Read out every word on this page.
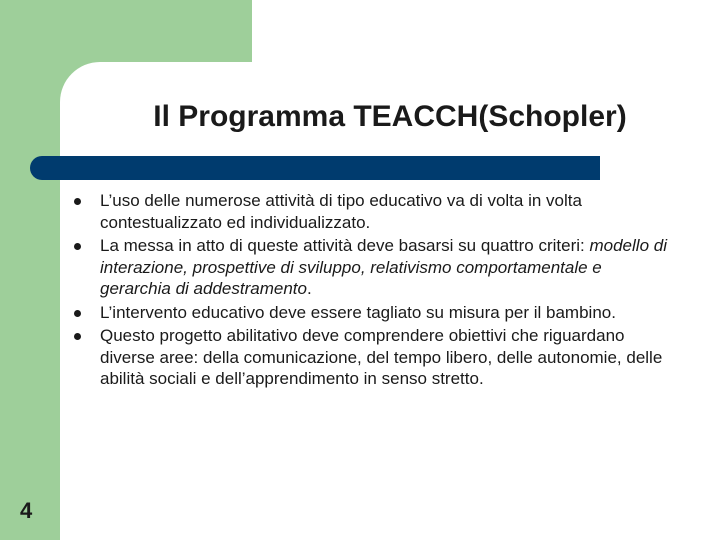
Il Programma TEACCH(Schopler)
L’uso delle numerose attività di tipo educativo va di volta in volta contestualizzato ed individualizzato.
La messa in atto di queste attività deve basarsi su quattro criteri: modello di interazione, prospettive di sviluppo, relativismo comportamentale e gerarchia di addestramento.
L’intervento educativo deve essere tagliato su misura per il bambino.
Questo progetto abilitativo deve comprendere obiettivi che riguardano diverse aree: della comunicazione, del tempo libero, delle autonomie, delle abilità sociali e dell’apprendimento in senso stretto.
4
